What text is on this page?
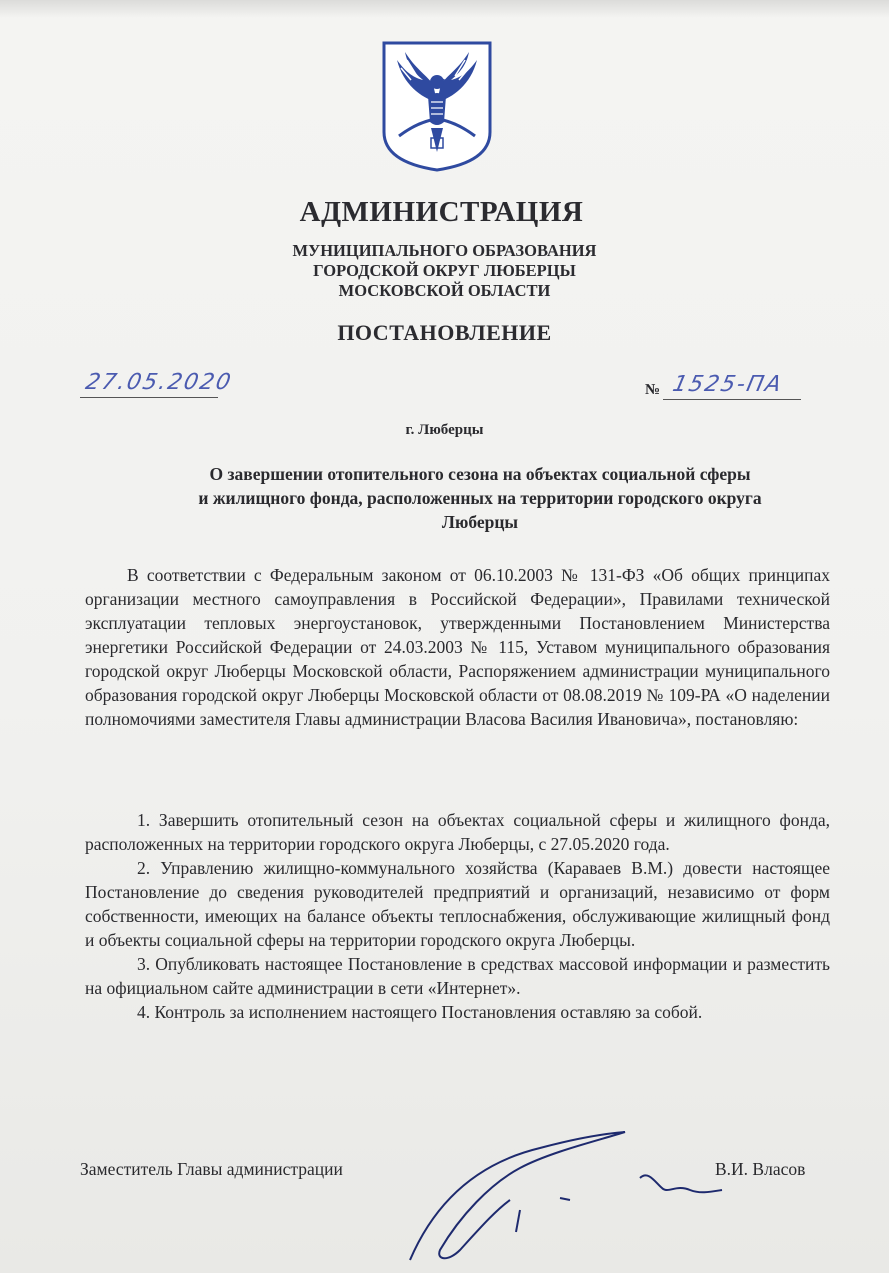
АДМИНИСТРАЦИЯ
МУНИЦИПАЛЬНОГО ОБРАЗОВАНИЯ
ГОРОДСКОЙ ОКРУГ ЛЮБЕРЦЫ
МОСКОВСКОЙ ОБЛАСТИ
ПОСТАНОВЛЕНИЕ
27.05.2020	№ 1525-ПА
г. Люберцы
О завершении отопительного сезона на объектах социальной сферы
и жилищного фонда, расположенных на территории городского округа
Люберцы
В соответствии с Федеральным законом от 06.10.2003 № 131-ФЗ «Об общих принципах организации местного самоуправления в Российской Федерации», Правилами технической эксплуатации тепловых энергоустановок, утвержденными Постановлением Министерства энергетики Российской Федерации от 24.03.2003 № 115, Уставом муниципального образования городской округ Люберцы Московской области, Распоряжением администрации муниципального образования городской округ Люберцы Московской области от 08.08.2019 № 109-РА «О наделении полномочиями заместителя Главы администрации Власова Василия Ивановича», постановляю:

1. Завершить отопительный сезон на объектах социальной сферы и жилищного фонда, расположенных на территории городского округа Люберцы, с 27.05.2020 года.

2. Управлению жилищно-коммунального хозяйства (Караваев В.М.) довести настоящее Постановление до сведения руководителей предприятий и организаций, независимо от форм собственности, имеющих на балансе объекты теплоснабжения, обслуживающие жилищный фонд и объекты социальной сферы на территории городского округа Люберцы.

3. Опубликовать настоящее Постановление в средствах массовой информации и разместить на официальном сайте администрации в сети «Интернет».

4. Контроль за исполнением настоящего Постановления оставляю за собой.

Заместитель Главы администрации	В.И. Власов
